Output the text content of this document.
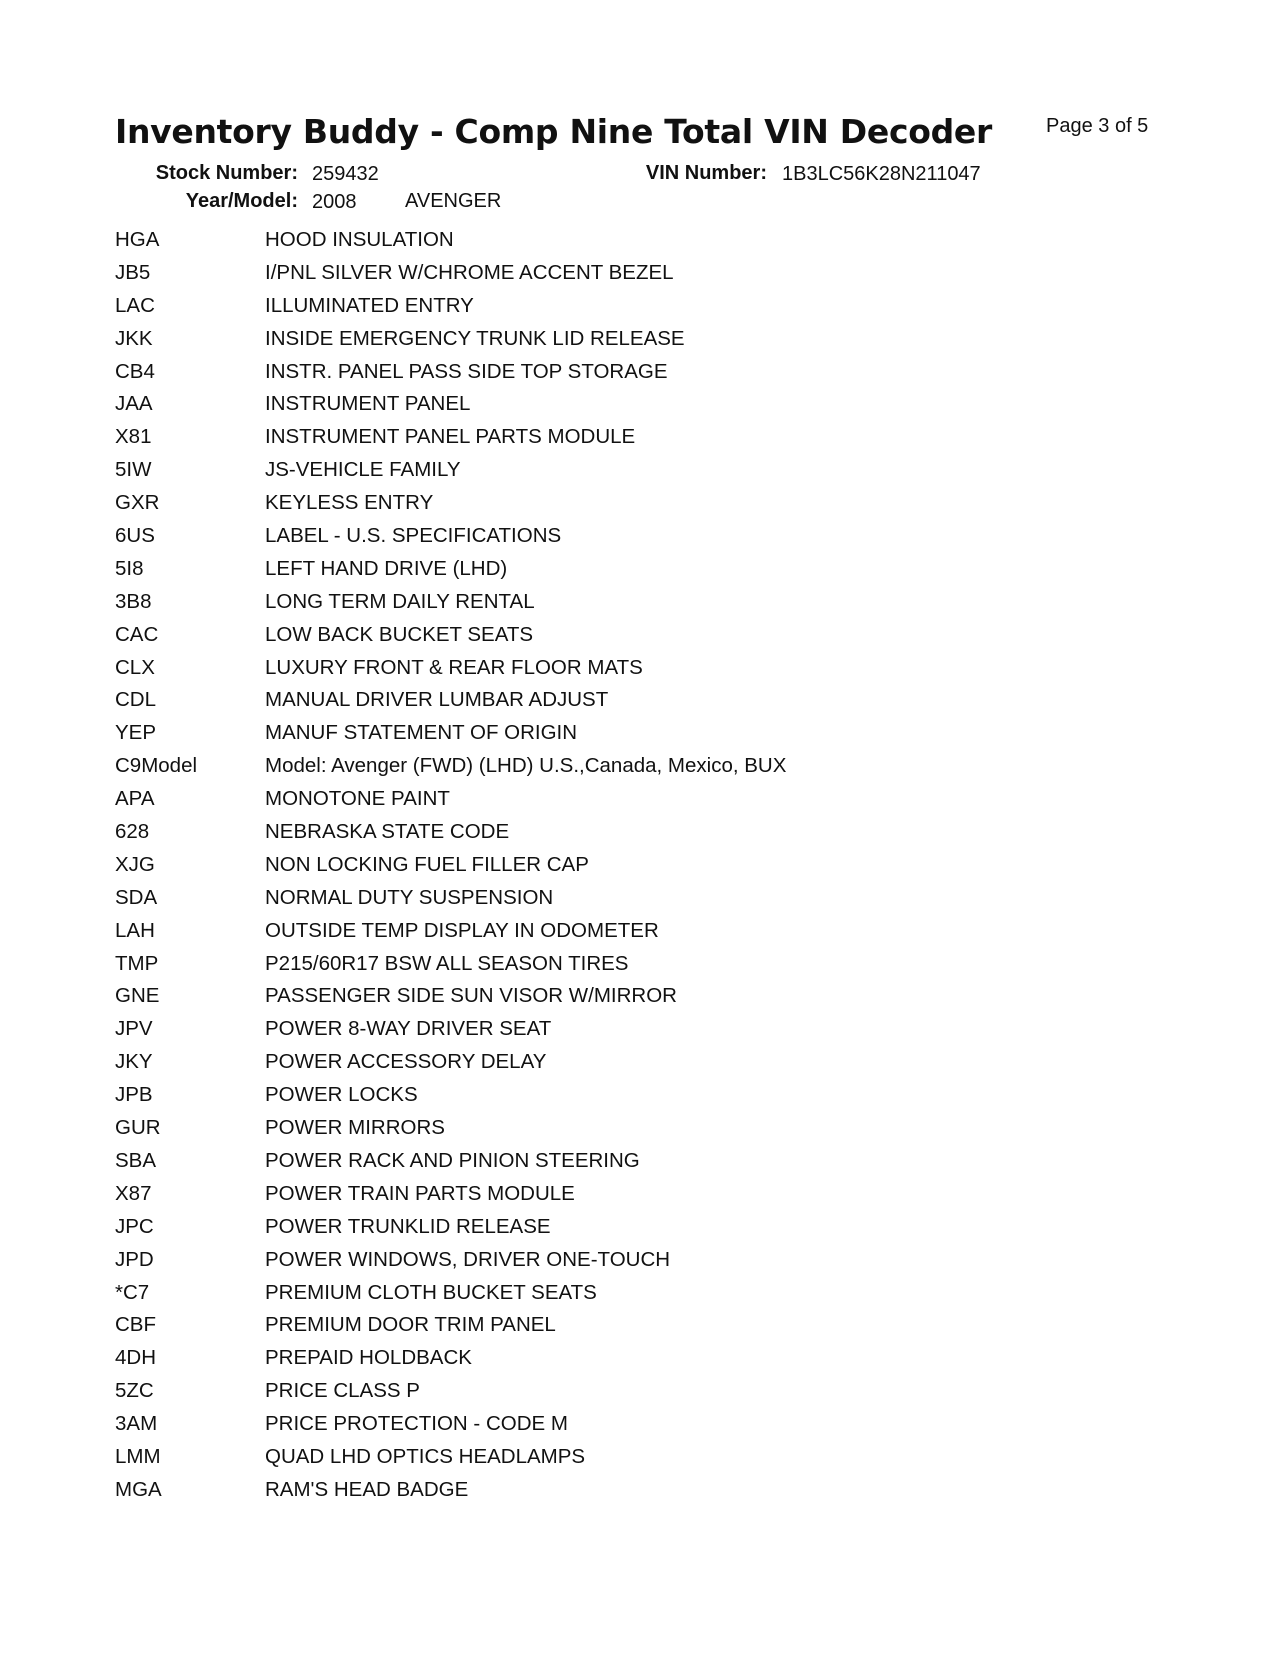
Inventory Buddy - Comp Nine Total VIN Decoder	Page 3 of 5
Stock Number: 259432	VIN Number: 1B3LC56K28N211047
Year/Model: 2008 AVENGER
HGA	HOOD INSULATION
JB5	I/PNL SILVER W/CHROME ACCENT BEZEL
LAC	ILLUMINATED ENTRY
JKK	INSIDE EMERGENCY TRUNK LID RELEASE
CB4	INSTR. PANEL PASS SIDE TOP STORAGE
JAA	INSTRUMENT PANEL
X81	INSTRUMENT PANEL PARTS MODULE
5IW	JS-VEHICLE FAMILY
GXR	KEYLESS ENTRY
6US	LABEL - U.S. SPECIFICATIONS
5I8	LEFT HAND DRIVE (LHD)
3B8	LONG TERM DAILY RENTAL
CAC	LOW BACK BUCKET SEATS
CLX	LUXURY FRONT & REAR FLOOR MATS
CDL	MANUAL DRIVER LUMBAR ADJUST
YEP	MANUF STATEMENT OF ORIGIN
C9Model	Model: Avenger (FWD) (LHD) U.S.,Canada, Mexico, BUX
APA	MONOTONE PAINT
628	NEBRASKA STATE CODE
XJG	NON LOCKING FUEL FILLER CAP
SDA	NORMAL DUTY SUSPENSION
LAH	OUTSIDE TEMP DISPLAY IN ODOMETER
TMP	P215/60R17 BSW ALL SEASON TIRES
GNE	PASSENGER SIDE SUN VISOR W/MIRROR
JPV	POWER 8-WAY DRIVER SEAT
JKY	POWER ACCESSORY DELAY
JPB	POWER LOCKS
GUR	POWER MIRRORS
SBA	POWER RACK AND PINION STEERING
X87	POWER TRAIN PARTS MODULE
JPC	POWER TRUNKLID RELEASE
JPD	POWER WINDOWS, DRIVER ONE-TOUCH
*C7	PREMIUM CLOTH BUCKET SEATS
CBF	PREMIUM DOOR TRIM PANEL
4DH	PREPAID HOLDBACK
5ZC	PRICE CLASS P
3AM	PRICE PROTECTION - CODE M
LMM	QUAD LHD OPTICS HEADLAMPS
MGA	RAM'S HEAD BADGE
